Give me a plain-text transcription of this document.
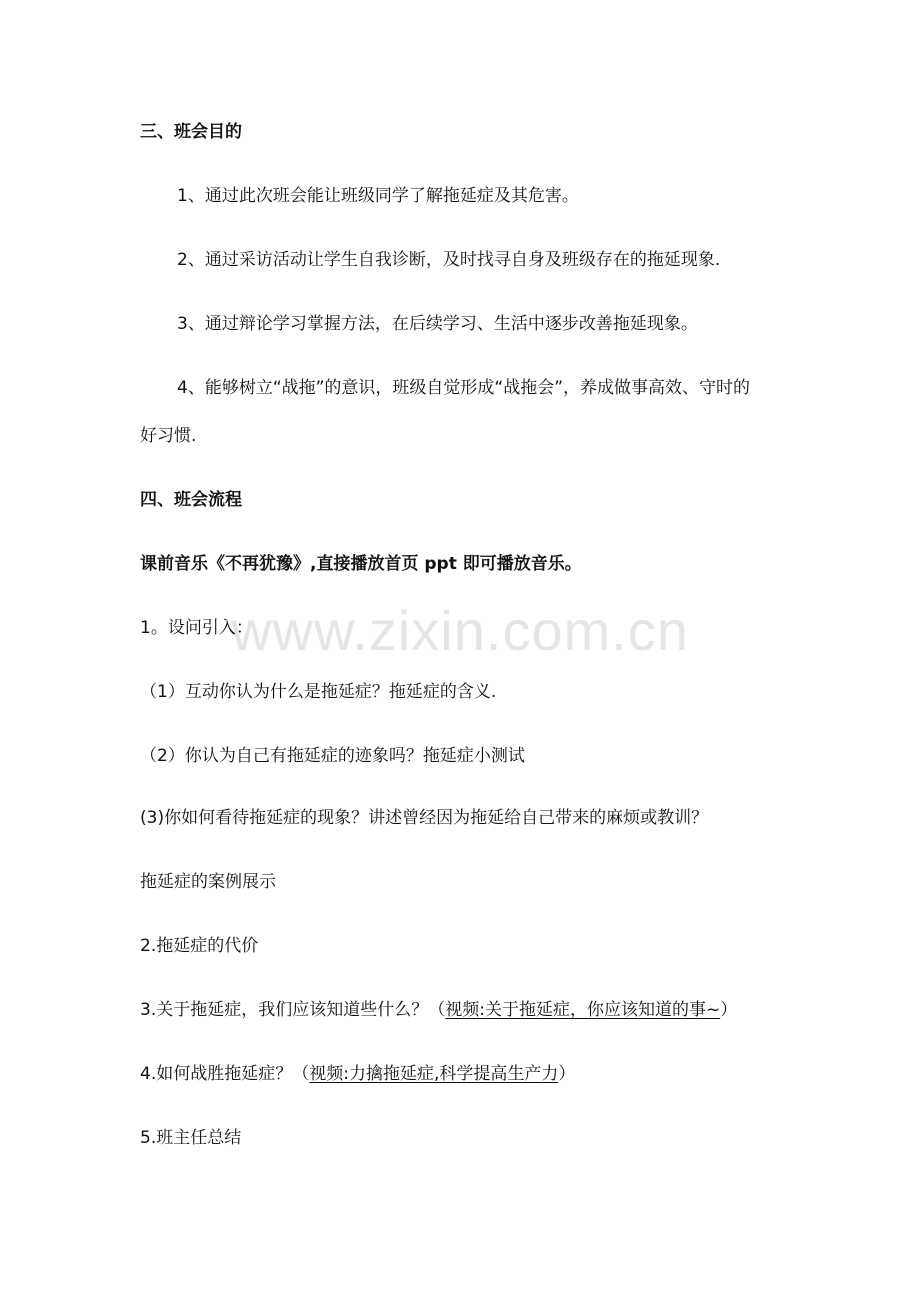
三、班会目的
1、通过此次班会能让班级同学了解拖延症及其危害。
2、通过采访活动让学生自我诊断，及时找寻自身及班级存在的拖延现象.
3、通过辩论学习掌握方法，在后续学习、生活中逐步改善拖延现象。
4、能够树立“战拖”的意识，班级自觉形成“战拖会”，养成做事高效、守时的
好习惯.
四、班会流程
课前音乐《不再犹豫》,直接播放首页 ppt 即可播放音乐。
1。设问引入：
（1）互动你认为什么是拖延症？拖延症的含义.
（2）你认为自己有拖延症的迹象吗？拖延症小测试
(3)你如何看待拖延症的现象？讲述曾经因为拖延给自己带来的麻烦或教训？
拖延症的案例展示
2.拖延症的代价
3.关于拖延症，我们应该知道些什么？（视频:关于拖延症，你应该知道的事~）
4.如何战胜拖延症？（视频:力擒拖延症,科学提高生产力）
5.班主任总结
www.zixin.com.cn
